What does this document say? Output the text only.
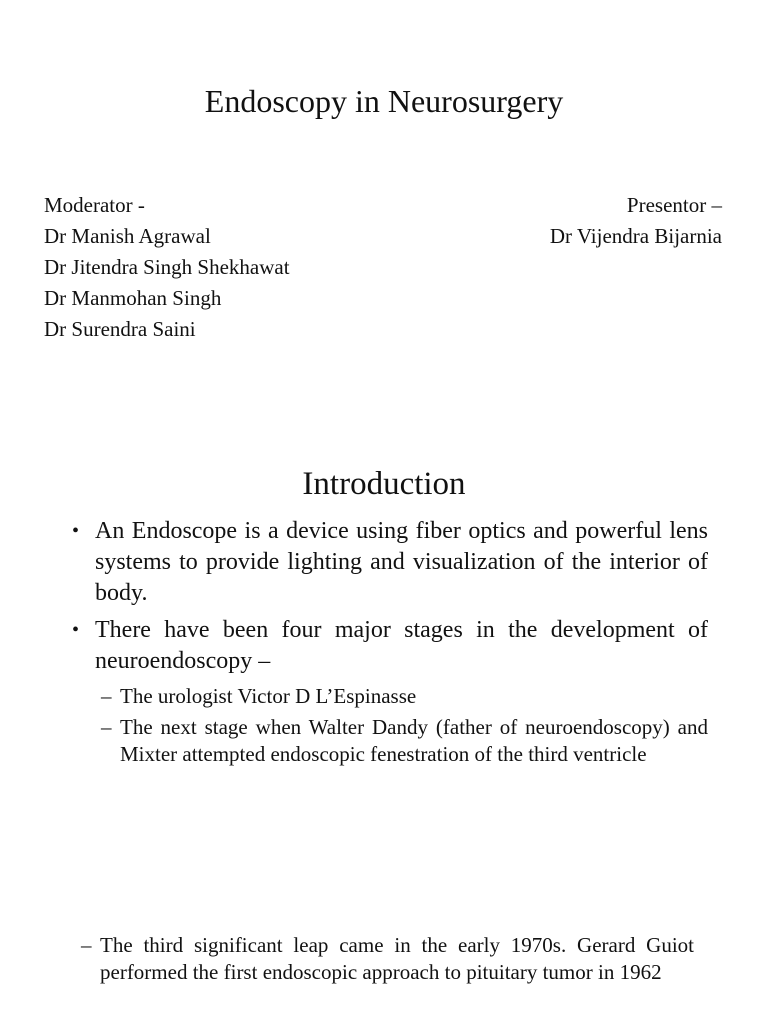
Endoscopy in Neurosurgery
Moderator -
Dr Manish Agrawal
Dr Jitendra Singh Shekhawat
Dr Manmohan Singh
Dr Surendra Saini
Presentor –
Dr Vijendra Bijarnia
Introduction
• An Endoscope is a device using fiber optics and powerful lens systems to provide lighting and visualization of the interior of body.
• There have been four major stages in the development of neuroendoscopy –
– The urologist Victor D L’Espinasse
– The next stage when Walter Dandy (father of neuroendoscopy) and Mixter attempted endoscopic fenestration of the third ventricle
– The third significant leap came in the early 1970s. Gerard Guiot performed the first endoscopic approach to pituitary tumor in 1962
